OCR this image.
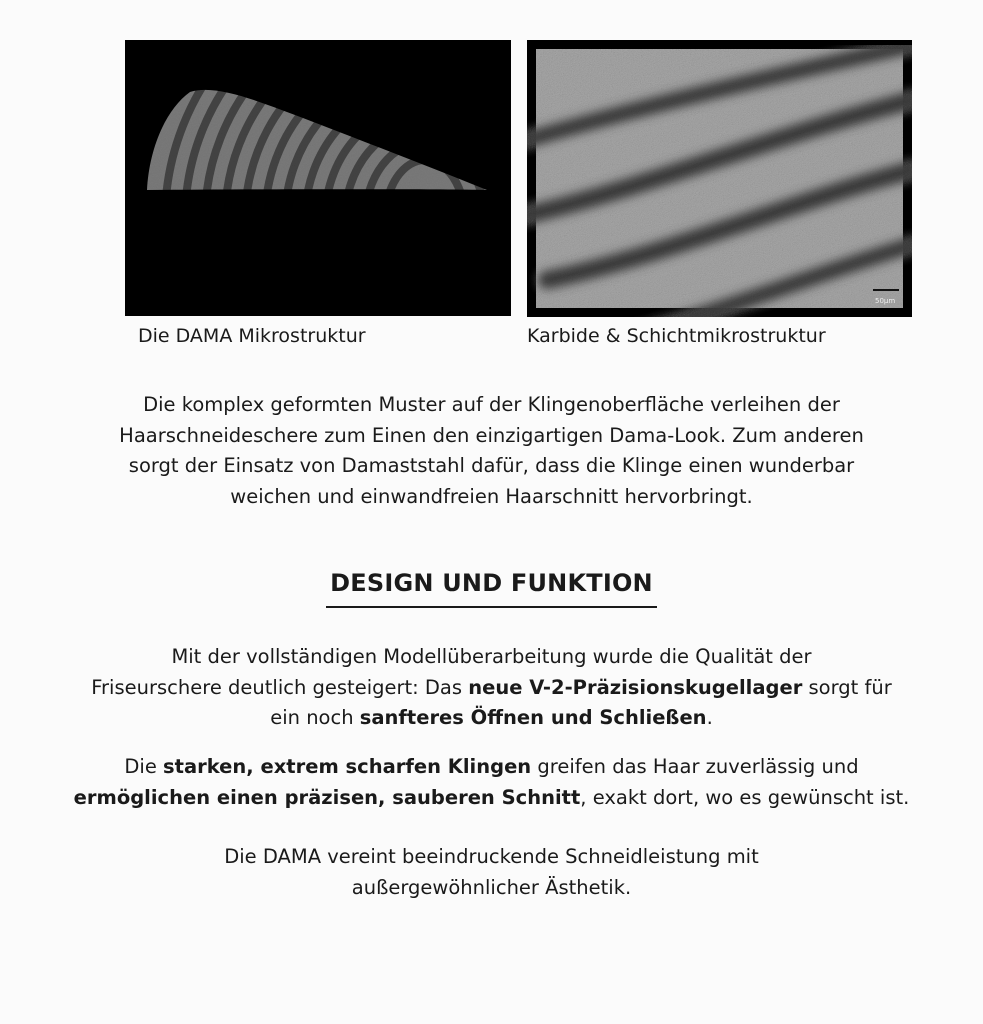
50µm
Die DAMA Mikrostruktur	Karbide & Schichtmikrostruktur

Die komplex geformten Muster auf der Klingenoberfläche verleihen der

Haarschneideschere zum Einen den einzigartigen Dama-Look. Zum anderen

sorgt der Einsatz von Damaststahl dafür, dass die Klinge einen wunderbar

weichen und einwandfreien Haarschnitt hervorbringt.

DESIGN UND FUNKTION

Mit der vollständigen Modellüberarbeitung wurde die Qualität der

Friseurschere deutlich gesteigert: Das neue V-2-Präzisionskugellager sorgt für

ein noch sanfteres Öffnen und Schließen.

Die starken, extrem scharfen Klingen greifen das Haar zuverlässig und

ermöglichen einen präzisen, sauberen Schnitt, exakt dort, wo es gewünscht ist.

Die DAMA vereint beeindruckende Schneidleistung mit

außergewöhnlicher Ästhetik.
